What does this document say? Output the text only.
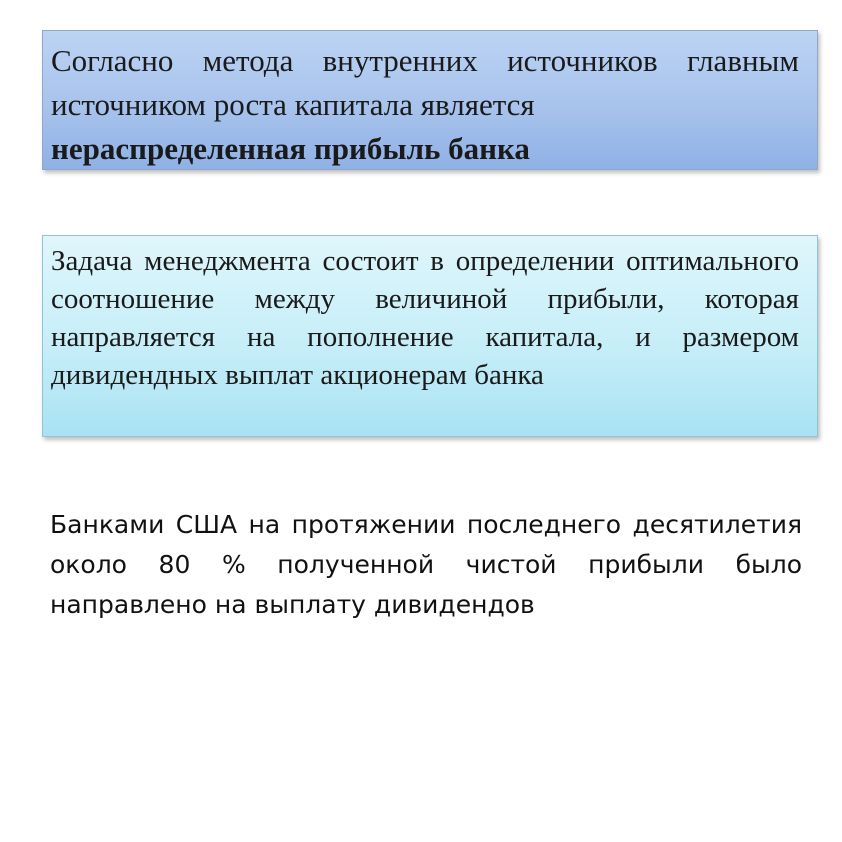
Согласно метода внутренних источников главным источником роста капитала является
нераспределенная прибыль банка

Задача менеджмента состоит в определении оптимального соотношение между величиной прибыли, которая направляется на пополнение капитала, и размером дивидендных выплат акционерам банка

Банками США на протяжении последнего десятилетия около 80 % полученной чистой прибыли было направлено на выплату дивидендов
